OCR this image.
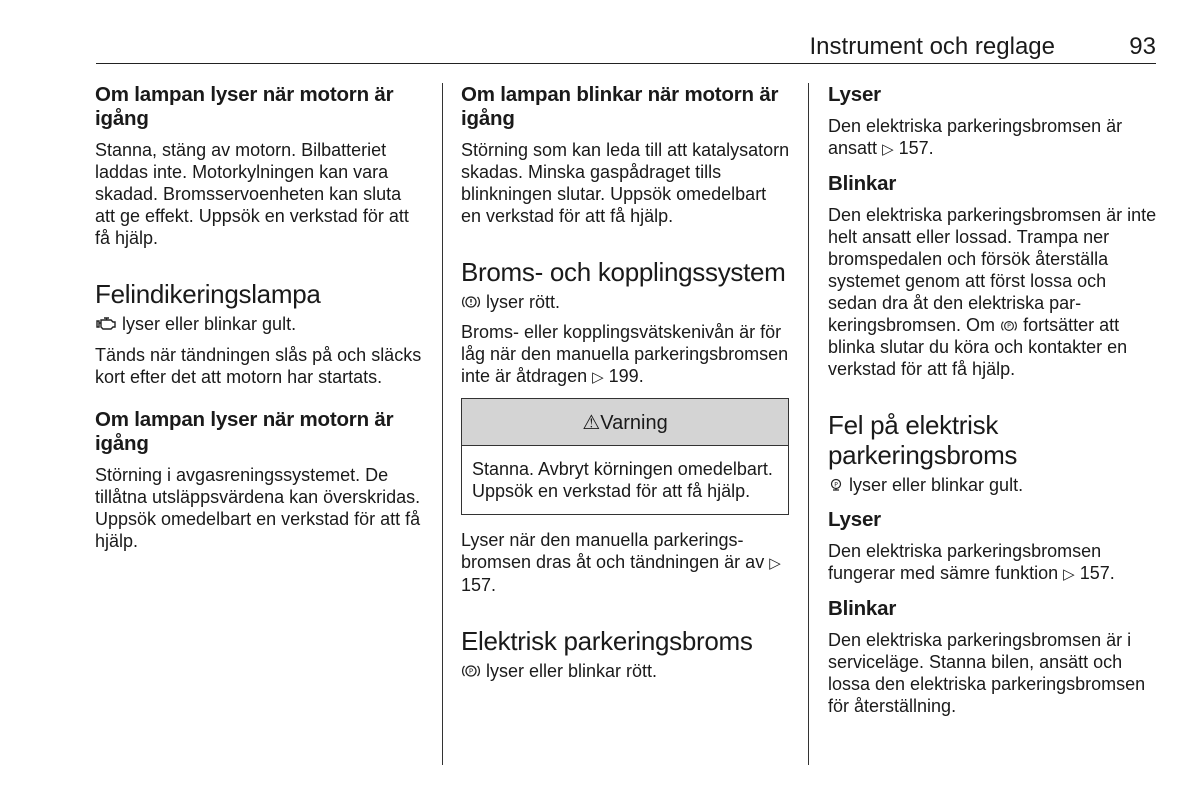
Instrument och reglage	93
Om lampan lyser när motorn är igång

Stanna, stäng av motorn. Bilbatteriet laddas inte. Motorkylningen kan vara skadad. Bromsservoenheten kan sluta att ge effekt. Uppsök en verkstad för att få hjälp.

Felindikeringslampa

lyser eller blinkar gult.

Tänds när tändningen slås på och släcks kort efter det att motorn har startats.

Om lampan lyser när motorn är igång

Störning i avgasreningssystemet. De tillåtna utsläppsvärdena kan överskridas. Uppsök omedelbart en verkstad för att få hjälp.

Om lampan blinkar när motorn är igång

Störning som kan leda till att katalysatorn skadas. Minska gaspådraget tills blinkningen slutar. Uppsök omedelbart en verkstad för att få hjälp.

Broms- och kopplingssystem

lyser rött.

Broms- eller kopplingsvätskenivån är för låg när den manuella parkeringsbromsen inte är åtdragen ▷ 199.

⚠Varning
Stanna. Avbryt körningen omedelbart. Uppsök en verkstad för att få hjälp.

Lyser när den manuella parkeringsbromsen dras åt och tändningen är av ▷ 157.

Elektrisk parkeringsbroms

P lyser eller blinkar rött.

Lyser

Den elektriska parkeringsbromsen är ansatt ▷ 157.

Blinkar

Den elektriska parkeringsbromsen är inte helt ansatt eller lossad. Trampa ner bromspedalen och försök återställa systemet genom att först lossa och sedan dra åt den elektriska parkeringsbromsen. Om P fortsätter att blinka slutar du köra och kontakter en verkstad för att få hjälp.

Fel på elektrisk parkeringsbroms

P lyser eller blinkar gult.

Lyser

Den elektriska parkeringsbromsen fungerar med sämre funktion ▷ 157.

Blinkar

Den elektriska parkeringsbromsen är i serviceläge. Stanna bilen, ansätt och lossa den elektriska parkeringsbromsen för återställning.
